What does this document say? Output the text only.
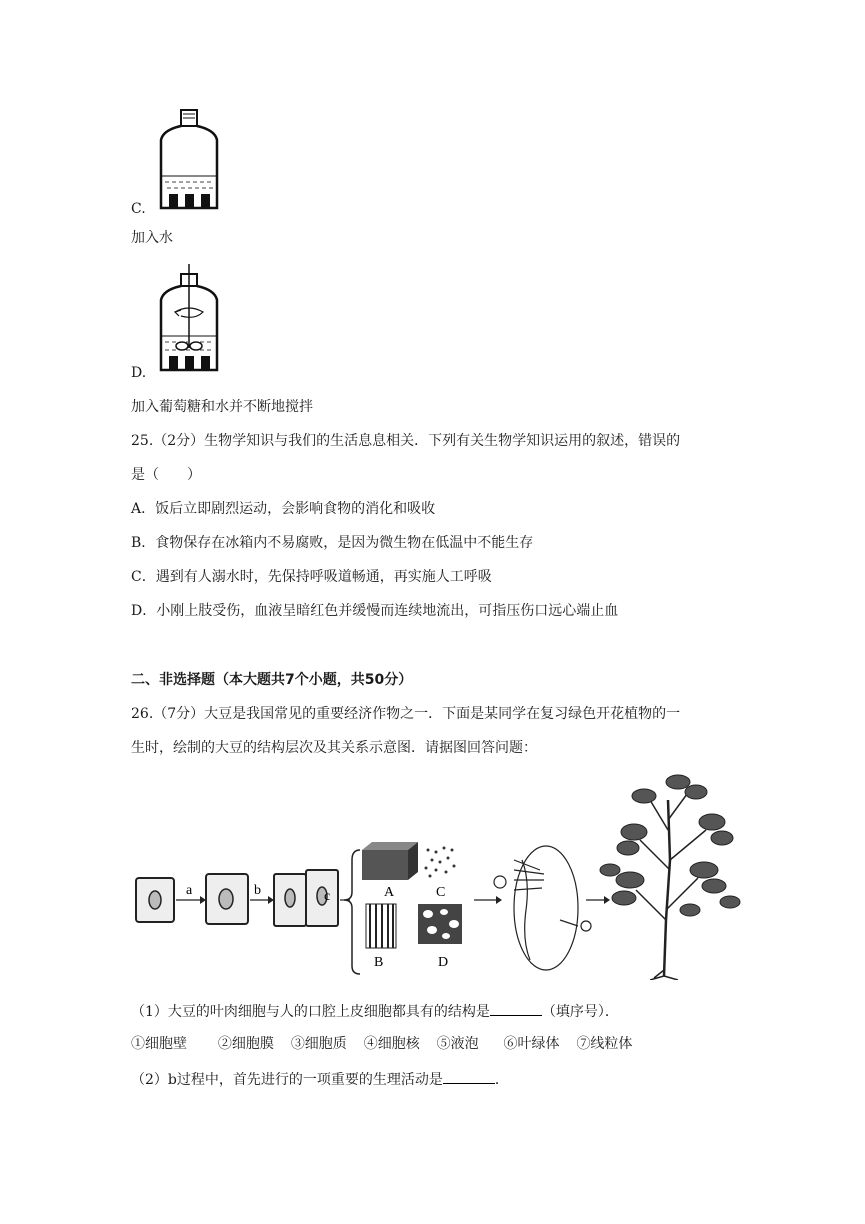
C.
加入水
D.
加入葡萄糖和水并不断地搅拌
25.（2分）生物学知识与我们的生活息息相关．下列有关生物学知识运用的叙述，错误的
是（　　）
A．饭后立即剧烈运动，会影响食物的消化和吸收
B．食物保存在冰箱内不易腐败，是因为微生物在低温中不能生存
C．遇到有人溺水时，先保持呼吸道畅通，再实施人工呼吸
D．小刚上肢受伤，血液呈暗红色并缓慢而连续地流出，可指压伤口远心端止血
二、非选择题（本大题共7个小题，共50分）
26.（7分）大豆是我国常见的重要经济作物之一．下面是某同学在复习绿色开花植物的一
生时，绘制的大豆的结构层次及其关系示意图．请据图回答问题：
a	b	c	A	C
B	D
（1）大豆的叶肉细胞与人的口腔上皮细胞都具有的结构是	（填序号）．
①细胞壁 ②细胞膜 ③细胞质 ④细胞核 ⑤液泡 ⑥叶绿体 ⑦线粒体
（2）b过程中，首先进行的一项重要的生理活动是	．
